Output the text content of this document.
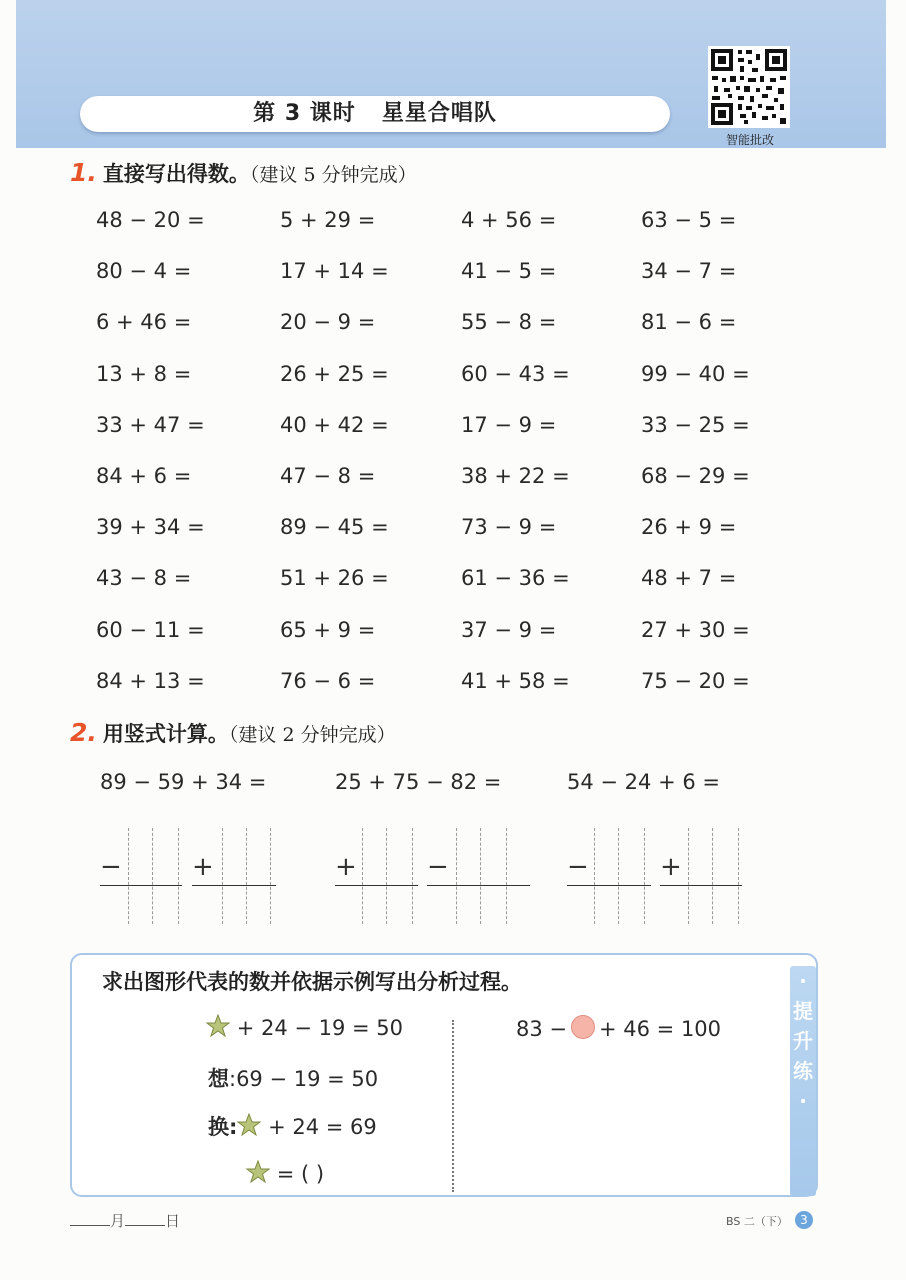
第 3 课时 星星合唱队
智能批改
1. 直接写出得数。（建议 5 分钟完成）
48 − 20 =	5 + 29 =	4 + 56 =	63 − 5 =
80 − 4 =	17 + 14 =	41 − 5 =	34 − 7 =
6 + 46 =	20 − 9 =	55 − 8 =	81 − 6 =
13 + 8 =	26 + 25 =	60 − 43 =	99 − 40 =
33 + 47 =	40 + 42 =	17 − 9 =	33 − 25 =
84 + 6 =	47 − 8 =	38 + 22 =	68 − 29 =
39 + 34 =	89 − 45 =	73 − 9 =	26 + 9 =
43 − 8 =	51 + 26 =	61 − 36 =	48 + 7 =
60 − 11 =	65 + 9 =	37 − 9 =	27 + 30 =
84 + 13 =	76 − 6 =	41 + 58 =	75 − 20 =
2. 用竖式计算。（建议 2 分钟完成）
89 − 59 + 34 =	25 + 75 − 82 =	54 − 24 + 6 =
−	+	+	−	−	+
求出图形代表的数并依据示例写出分析过程。	·
提
升
练
·
+ 24 − 19 = 50
想:69 − 19 = 50
换: + 24 = 69
= ( )
83 − + 46 = 100
月	日	BS 二（下）	3
